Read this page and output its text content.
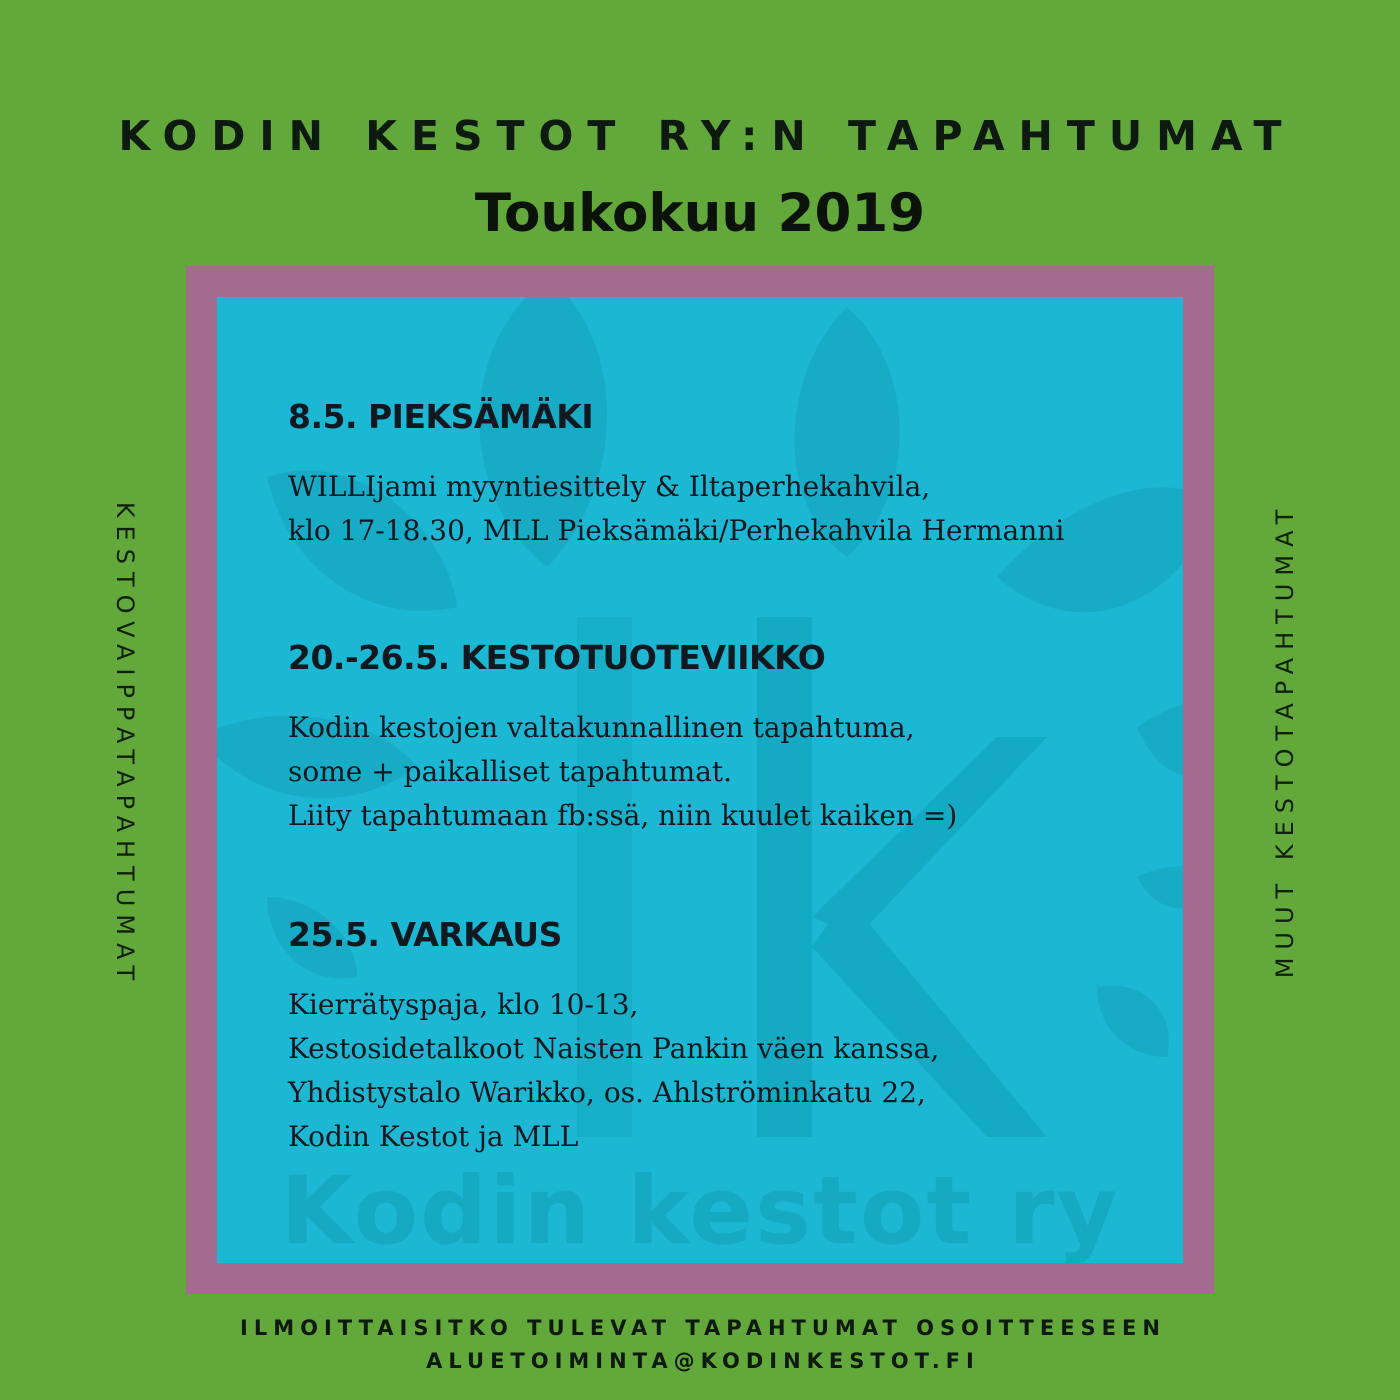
KODIN KESTOT RY:N TAPAHTUMAT
Toukokuu 2019
KESTOVAIPPATAPAHTUMAT	MUUT KESTOTAPAHTUMAT
Kodin kestot ry
8.5. PIEKSÄMÄKI
WILLIjami myyntiesittely & Iltaperhekahvila,
klo 17-18.30, MLL Pieksämäki/Perhekahvila Hermanni
20.-26.5. KESTOTUOTEVIIKKO
Kodin kestojen valtakunnallinen tapahtuma,
some + paikalliset tapahtumat.
Liity tapahtumaan fb:ssä, niin kuulet kaiken =)
25.5. VARKAUS
Kierrätyspaja, klo 10-13,
Kestosidetalkoot Naisten Pankin väen kanssa,
Yhdistystalo Warikko, os. Ahlströminkatu 22,
Kodin Kestot ja MLL
ILMOITTAISITKO TULEVAT TAPAHTUMAT OSOITTEESEEN
ALUETOIMINTA@KODINKESTOT.FI
